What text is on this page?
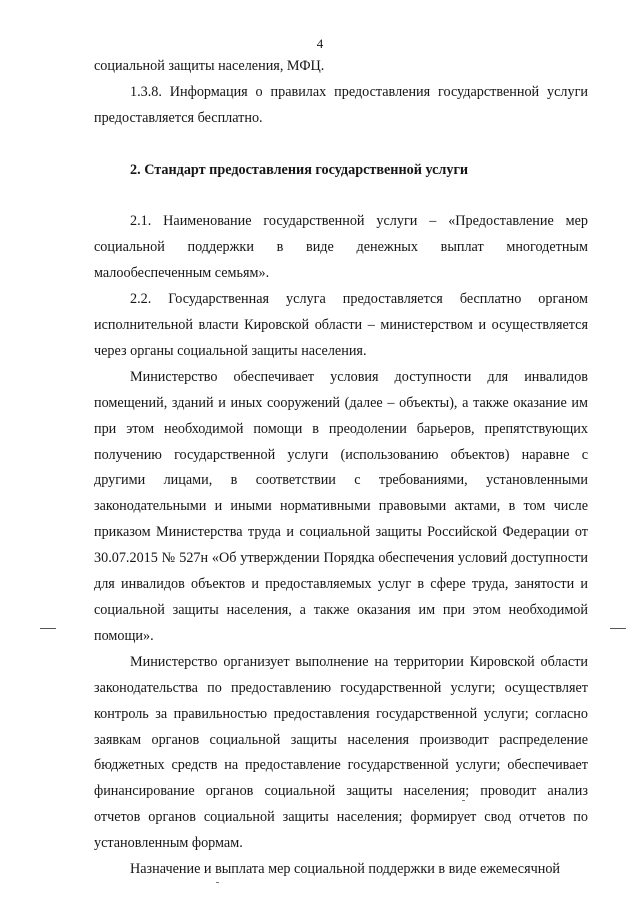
4

социальной защиты населения, МФЦ.

1.3.8. Информация о правилах предоставления государственной услуги предоставляется бесплатно.

2. Стандарт предоставления государственной услуги

2.1. Наименование государственной услуги – «Предоставление мер социальной поддержки в виде денежных выплат многодетным малообеспеченным семьям».

2.2. Государственная услуга предоставляется бесплатно органом исполнительной власти Кировской области – министерством и осуществляется через органы социальной защиты населения.

Министерство обеспечивает условия доступности для инвалидов помещений, зданий и иных сооружений (далее – объекты), а также оказание им при этом необходимой помощи в преодолении барьеров, препятствующих получению государственной услуги (использованию объектов) наравне с другими лицами, в соответствии с требованиями, установленными законодательными и иными нормативными правовыми актами, в том числе приказом Министерства труда и социальной защиты Российской Федерации от 30.07.2015 № 527н «Об утверждении Порядка обеспечения условий доступности для инвалидов объектов и предоставляемых услуг в сфере труда, занятости и социальной защиты населения, а также оказания им при этом необходимой помощи».

Министерство организует выполнение на территории Кировской области законодательства по предоставлению государственной услуги; осуществляет контроль за правильностью предоставления государственной услуги; согласно заявкам органов социальной защиты населения производит распределение бюджетных средств на предоставление государственной услуги; обеспечивает финансирование органов социальной защиты населения; проводит анализ отчетов органов социальной защиты населения; формирует свод отчетов по установленным формам.

Назначение и выплата мер социальной поддержки в виде ежемесячной
